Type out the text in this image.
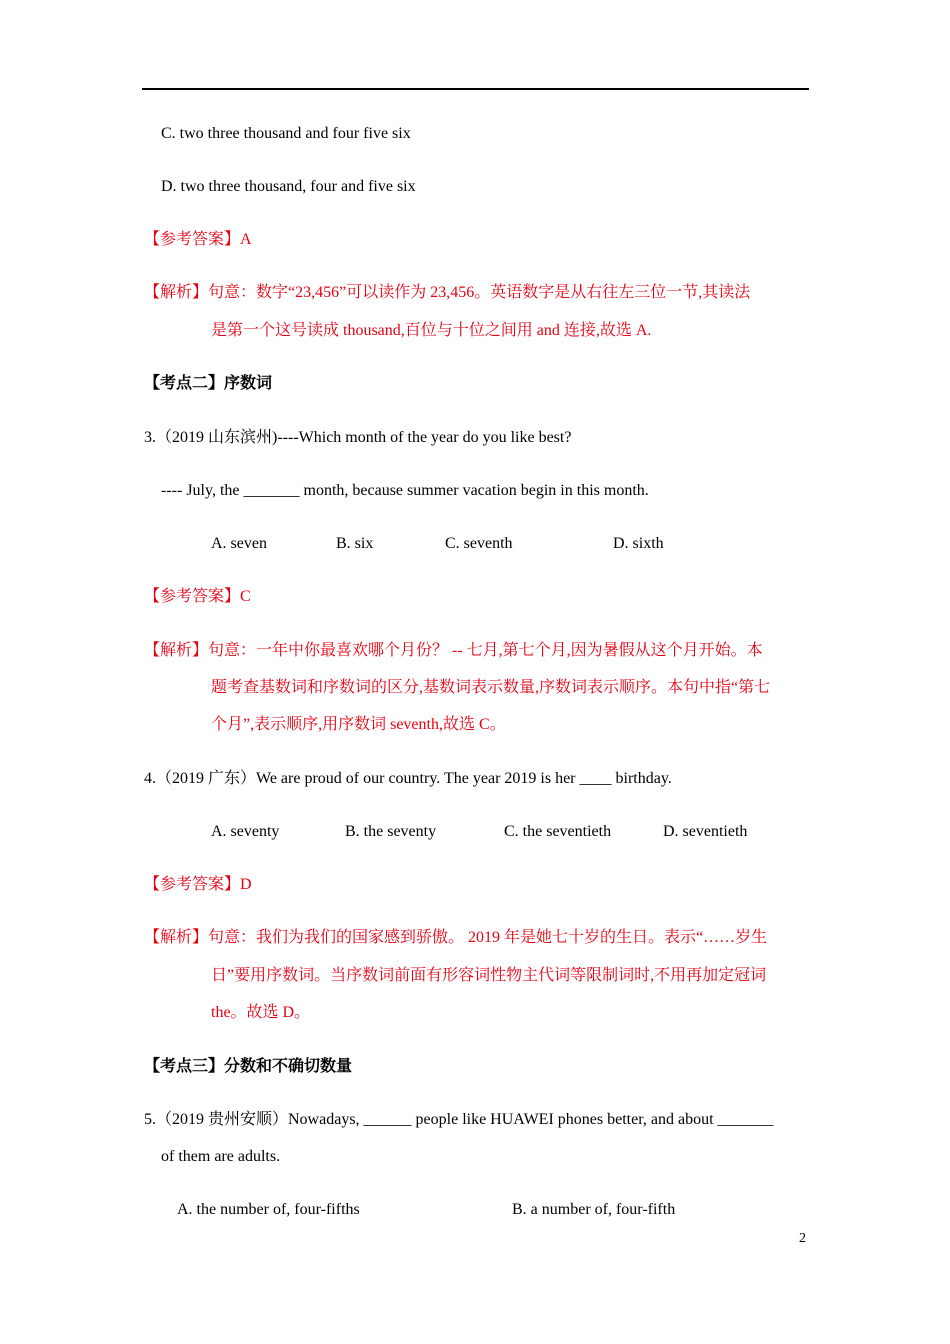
C. two three thousand and four five six
D. two three thousand, four and five six
【参考答案】A
【解析】句意：数字“23,456”可以读作为 23,456。英语数字是从右往左三位一节,其读法
是第一个这号读成 thousand,百位与十位之间用 and 连接,故选 A.
【考点二】序数词
3.（2019 山东滨州)----Which month of the year do you like best?
---- July, the _______ month, because summer vacation begin in this month.
A. seven	B. six	C. seventh	D. sixth
【参考答案】C
【解析】句意：一年中你最喜欢哪个月份？ -- 七月,第七个月,因为暑假从这个月开始。本
题考查基数词和序数词的区分,基数词表示数量,序数词表示顺序。本句中指“第七
个月”,表示顺序,用序数词 seventh,故选 C。
4.（2019 广东）We are proud of our country. The year 2019 is her ____ birthday.
A. seventy	B. the seventy	C. the seventieth	D. seventieth
【参考答案】D
【解析】句意：我们为我们的国家感到骄傲。 2019 年是她七十岁的生日。表示“……岁生
日”要用序数词。当序数词前面有形容词性物主代词等限制词时,不用再加定冠词
the。故选 D。
【考点三】分数和不确切数量
5.（2019 贵州安顺）Nowadays, ______ people like HUAWEI phones better, and about _______
of them are adults.
A. the number of, four-fifths	B. a number of, four-fifth
2
